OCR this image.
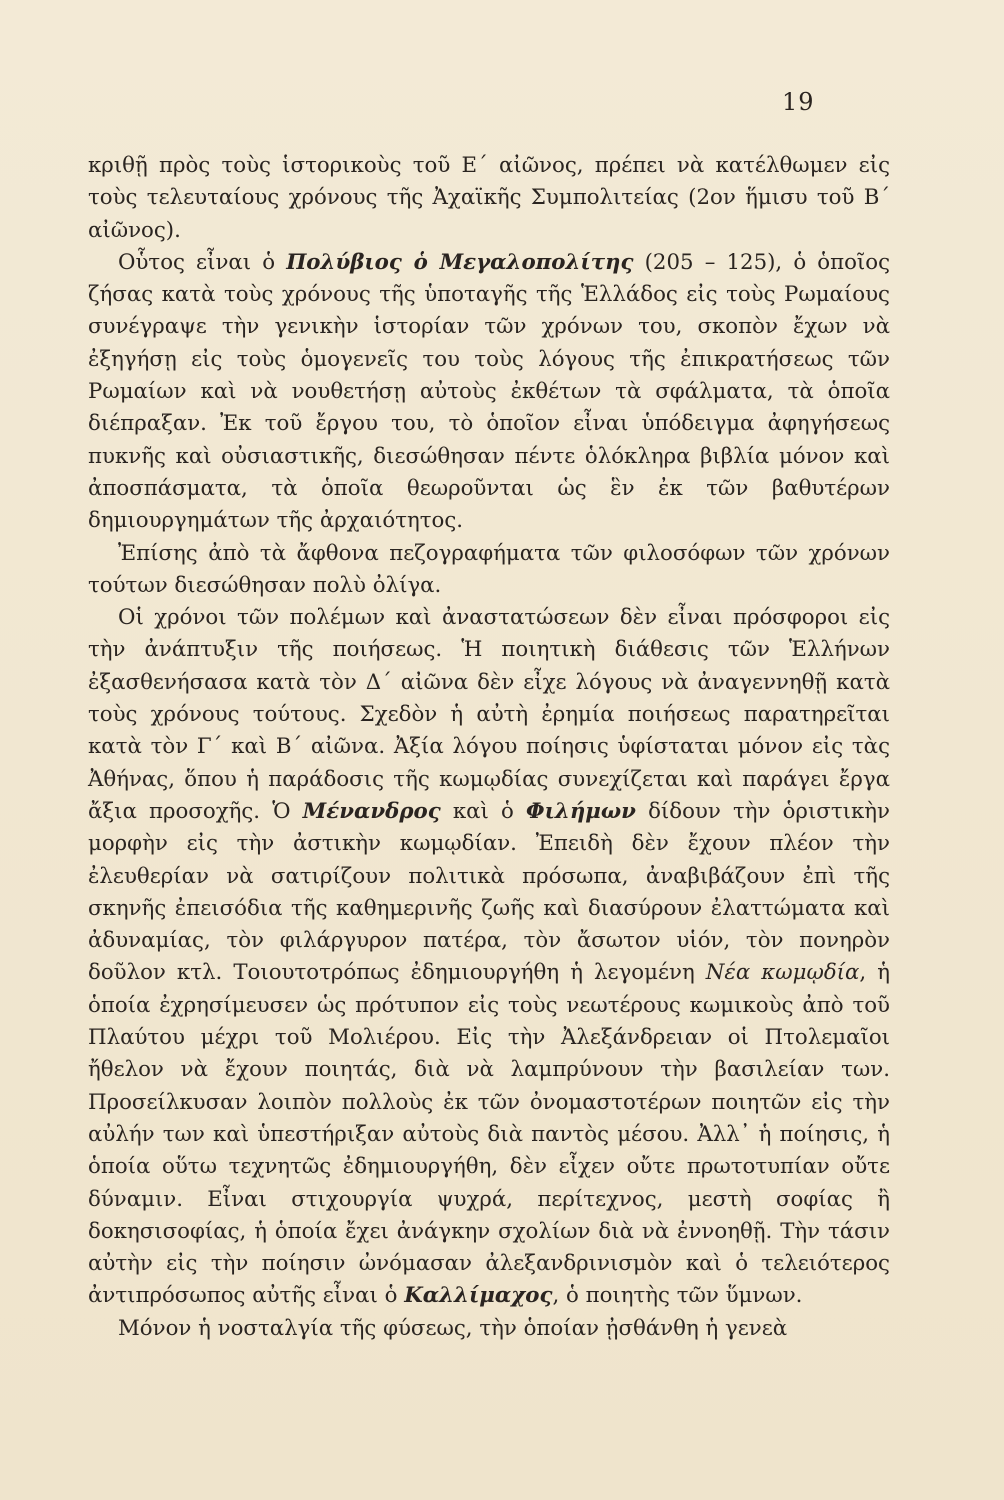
19

κριθῇ πρὸς τοὺς ἱστορικοὺς τοῦ Ε΄ αἰῶνος, πρέπει νὰ κατέλθωμεν εἰς τοὺς τελευταίους χρόνους τῆς Ἀχαϊκῆς Συμπολιτείας (2ον ἥμισυ τοῦ Β΄ αἰῶνος).

Οὗτος εἶναι ὁ Πολύβιος ὁ Μεγαλοπολίτης (205 – 125), ὁ ὁποῖος ζήσας κατὰ τοὺς χρόνους τῆς ὑποταγῆς τῆς Ἑλλάδος εἰς τοὺς Ρωμαίους συνέγραψε τὴν γενικὴν ἱστορίαν τῶν χρόνων του, σκοπὸν ἔχων νὰ ἐξηγήσῃ εἰς τοὺς ὁμογενεῖς του τοὺς λόγους τῆς ἐπικρατήσεως τῶν Ρωμαίων καὶ νὰ νουθετήσῃ αὐτοὺς ἐκθέτων τὰ σφάλματα, τὰ ὁποῖα διέπραξαν. Ἐκ τοῦ ἔργου του, τὸ ὁποῖον εἶναι ὑπόδειγμα ἀφηγήσεως πυκνῆς καὶ οὐσιαστικῆς, διεσώθησαν πέντε ὁλόκληρα βιβλία μόνον καὶ ἀποσπάσματα, τὰ ὁποῖα θεωροῦνται ὡς ἓν ἐκ τῶν βαθυτέρων δημιουργημάτων τῆς ἀρχαιότητος.

Ἐπίσης ἀπὸ τὰ ἄφθονα πεζογραφήματα τῶν φιλοσόφων τῶν χρόνων τούτων διεσώθησαν πολὺ ὀλίγα.

Οἱ χρόνοι τῶν πολέμων καὶ ἀναστατώσεων δὲν εἶναι πρόσφοροι εἰς τὴν ἀνάπτυξιν τῆς ποιήσεως. Ἡ ποιητικὴ διάθεσις τῶν Ἑλλήνων ἐξασθενήσασα κατὰ τὸν Δ΄ αἰῶνα δὲν εἶχε λόγους νὰ ἀναγεννηθῇ κατὰ τοὺς χρόνους τούτους. Σχεδὸν ἡ αὐτὴ ἐρημία ποιήσεως παρατηρεῖται κατὰ τὸν Γ΄ καὶ Β΄ αἰῶνα. Ἀξία λόγου ποίησις ὑφίσταται μόνον εἰς τὰς Ἀθήνας, ὅπου ἡ παράδοσις τῆς κωμῳδίας συνεχίζεται καὶ παράγει ἔργα ἄξια προσοχῆς. Ὁ Μένανδρος καὶ ὁ Φιλήμων δίδουν τὴν ὁριστικὴν μορφὴν εἰς τὴν ἀστικὴν κωμῳδίαν. Ἐπειδὴ δὲν ἔχουν πλέον τὴν ἐλευθερίαν νὰ σατιρίζουν πολιτικὰ πρόσωπα, ἀναβιβάζουν ἐπὶ τῆς σκηνῆς ἐπεισόδια τῆς καθημερινῆς ζωῆς καὶ διασύρουν ἐλαττώματα καὶ ἀδυναμίας, τὸν φιλάργυρον πατέρα, τὸν ἄσωτον υἱόν, τὸν πονηρὸν δοῦλον κτλ. Τοιουτοτρόπως ἐδημιουργήθη ἡ λεγομένη Νέα κωμῳδία, ἡ ὁποία ἐχρησίμευσεν ὡς πρότυπον εἰς τοὺς νεωτέρους κωμικοὺς ἀπὸ τοῦ Πλαύτου μέχρι τοῦ Μολιέρου. Εἰς τὴν Ἀλεξάνδρειαν οἱ Πτολεμαῖοι ἤθελον νὰ ἔχουν ποιητάς, διὰ νὰ λαμπρύνουν τὴν βασιλείαν των. Προσείλκυσαν λοιπὸν πολλοὺς ἐκ τῶν ὀνομαστοτέρων ποιητῶν εἰς τὴν αὐλήν των καὶ ὑπεστήριξαν αὐτοὺς διὰ παντὸς μέσου. Ἀλλ᾽ ἡ ποίησις, ἡ ὁποία οὕτω τεχνητῶς ἐδημιουργήθη, δὲν εἶχεν οὔτε πρωτοτυπίαν οὔτε δύναμιν. Εἶναι στιχουργία ψυχρά, περίτεχνος, μεστὴ σοφίας ἢ δοκησισοφίας, ἡ ὁποία ἔχει ἀνάγκην σχολίων διὰ νὰ ἐννοηθῇ. Τὴν τάσιν αὐτὴν εἰς τὴν ποίησιν ὠνόμασαν ἀλεξανδρινισμὸν καὶ ὁ τελειότερος ἀντιπρόσωπος αὐτῆς εἶναι ὁ Καλλίμαχος, ὁ ποιητὴς τῶν ὕμνων.

Μόνον ἡ νοσταλγία τῆς φύσεως, τὴν ὁποίαν ᾐσθάνθη ἡ γενεὰ
